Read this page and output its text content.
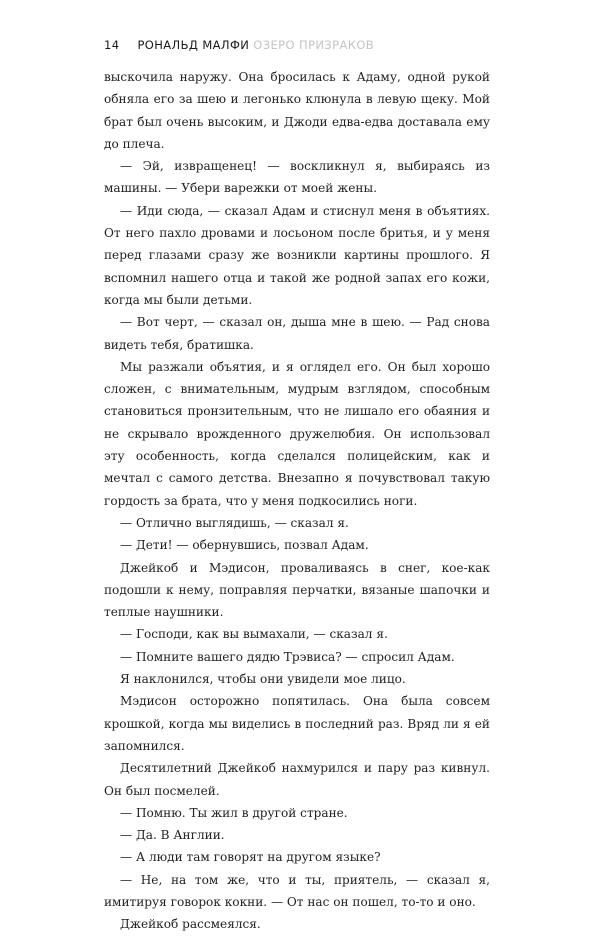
14 РОНАЛЬД МАЛФИ ОЗЕРО ПРИЗРАКОВ

выскочила наружу. Она бросилась к Адаму, одной рукой обняла его за шею и легонько клюнула в левую щеку. Мой брат был очень высоким, и Джоди едва-едва доставала ему до плеча.

— Эй, извращенец! — воскликнул я, выбираясь из машины. — Убери варежки от моей жены.

— Иди сюда, — сказал Адам и стиснул меня в объятиях. От него пахло дровами и лосьоном после бритья, и у меня перед глазами сразу же возникли картины прошлого. Я вспомнил нашего отца и такой же родной запах его кожи, когда мы были детьми.

— Вот черт, — сказал он, дыша мне в шею. — Рад снова видеть тебя, братишка.

Мы разжали объятия, и я оглядел его. Он был хорошо сложен, с внимательным, мудрым взглядом, способным становиться пронзительным, что не лишало его обаяния и не скрывало врожденного дружелюбия. Он использовал эту особенность, когда сделался полицейским, как и мечтал с самого детства. Внезапно я почувствовал такую гордость за брата, что у меня подкосились ноги.

— Отлично выглядишь, — сказал я.

— Дети! — обернувшись, позвал Адам.

Джейкоб и Мэдисон, проваливаясь в снег, кое-как подошли к нему, поправляя перчатки, вязаные шапочки и теплые наушники.

— Господи, как вы вымахали, — сказал я.

— Помните вашего дядю Трэвиса? — спросил Адам.

Я наклонился, чтобы они увидели мое лицо.

Мэдисон осторожно попятилась. Она была совсем крошкой, когда мы виделись в последний раз. Вряд ли я ей запомнился.

Десятилетний Джейкоб нахмурился и пару раз кивнул. Он был посмелей.

— Помню. Ты жил в другой стране.

— Да. В Англии.

— А люди там говорят на другом языке?

— Не, на том же, что и ты, приятель, — сказал я, имитируя говорок кокни. — От нас он пошел, то-то и оно.

Джейкоб рассмеялся.
